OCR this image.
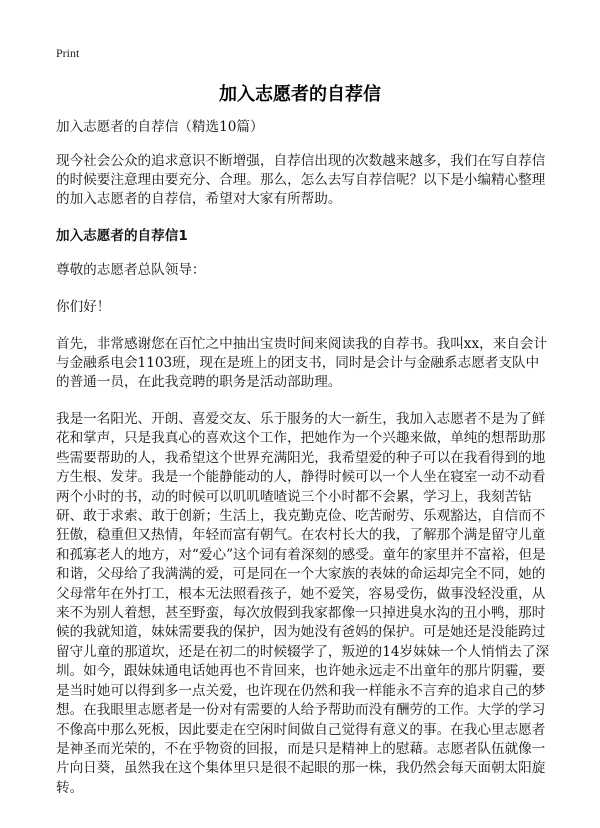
Print
加入志愿者的自荐信

加入志愿者的自荐信（精选10篇）

现今社会公众的追求意识不断增强，自荐信出现的次数越来越多，我们在写自荐信的时候要注意理由要充分、合理。那么，怎么去写自荐信呢？以下是小编精心整理的加入志愿者的自荐信，希望对大家有所帮助。

加入志愿者的自荐信1

尊敬的志愿者总队领导：

你们好！

首先，非常感谢您在百忙之中抽出宝贵时间来阅读我的自荐书。我叫xx，来自会计与金融系电会1103班，现在是班上的团支书，同时是会计与金融系志愿者支队中的普通一员，在此我竞聘的职务是活动部助理。

我是一名阳光、开朗、喜爱交友、乐于服务的大一新生，我加入志愿者不是为了鲜花和掌声，只是我真心的喜欢这个工作，把她作为一个兴趣来做，单纯的想帮助那些需要帮助的人，我希望这个世界充满阳光，我希望爱的种子可以在我看得到的地方生根、发芽。我是一个能静能动的人，静得时候可以一个人坐在寝室一动不动看两个小时的书，动的时候可以叽叽喳喳说三个小时都不会累，学习上，我刻苦钻研、敢于求索、敢于创新；生活上，我克勤克俭、吃苦耐劳、乐观豁达，自信而不狂傲，稳重但又热情，年轻而富有朝气。在农村长大的我，了解那个满是留守儿童和孤寡老人的地方，对“爱心”这个词有着深刻的感受。童年的家里并不富裕，但是和谐，父母给了我满满的爱，可是同在一个大家族的表妹的命运却完全不同，她的父母常年在外打工，根本无法照看孩子，她不爱笑，容易受伤，做事没轻没重，从来不为别人着想，甚至野蛮，每次放假到我家都像一只掉进臭水沟的丑小鸭，那时候的我就知道，妹妹需要我的保护，因为她没有爸妈的保护。可是她还是没能跨过留守儿童的那道坎，还是在初二的时候辍学了，叛逆的14岁妹妹一个人悄悄去了深圳。如今，跟妹妹通电话她再也不肯回来，也许她永远走不出童年的那片阴霾，要是当时她可以得到多一点关爱，也许现在仍然和我一样能永不言弃的追求自己的梦想。在我眼里志愿者是一份对有需要的人给予帮助而没有酬劳的工作。大学的学习不像高中那么死板，因此要走在空闲时间做自己觉得有意义的事。在我心里志愿者是神圣而光荣的，不在乎物资的回报，而是只是精神上的慰藉。志愿者队伍就像一片向日葵，虽然我在这个集体里只是很不起眼的那一株，我仍然会每天面朝太阳旋转。
